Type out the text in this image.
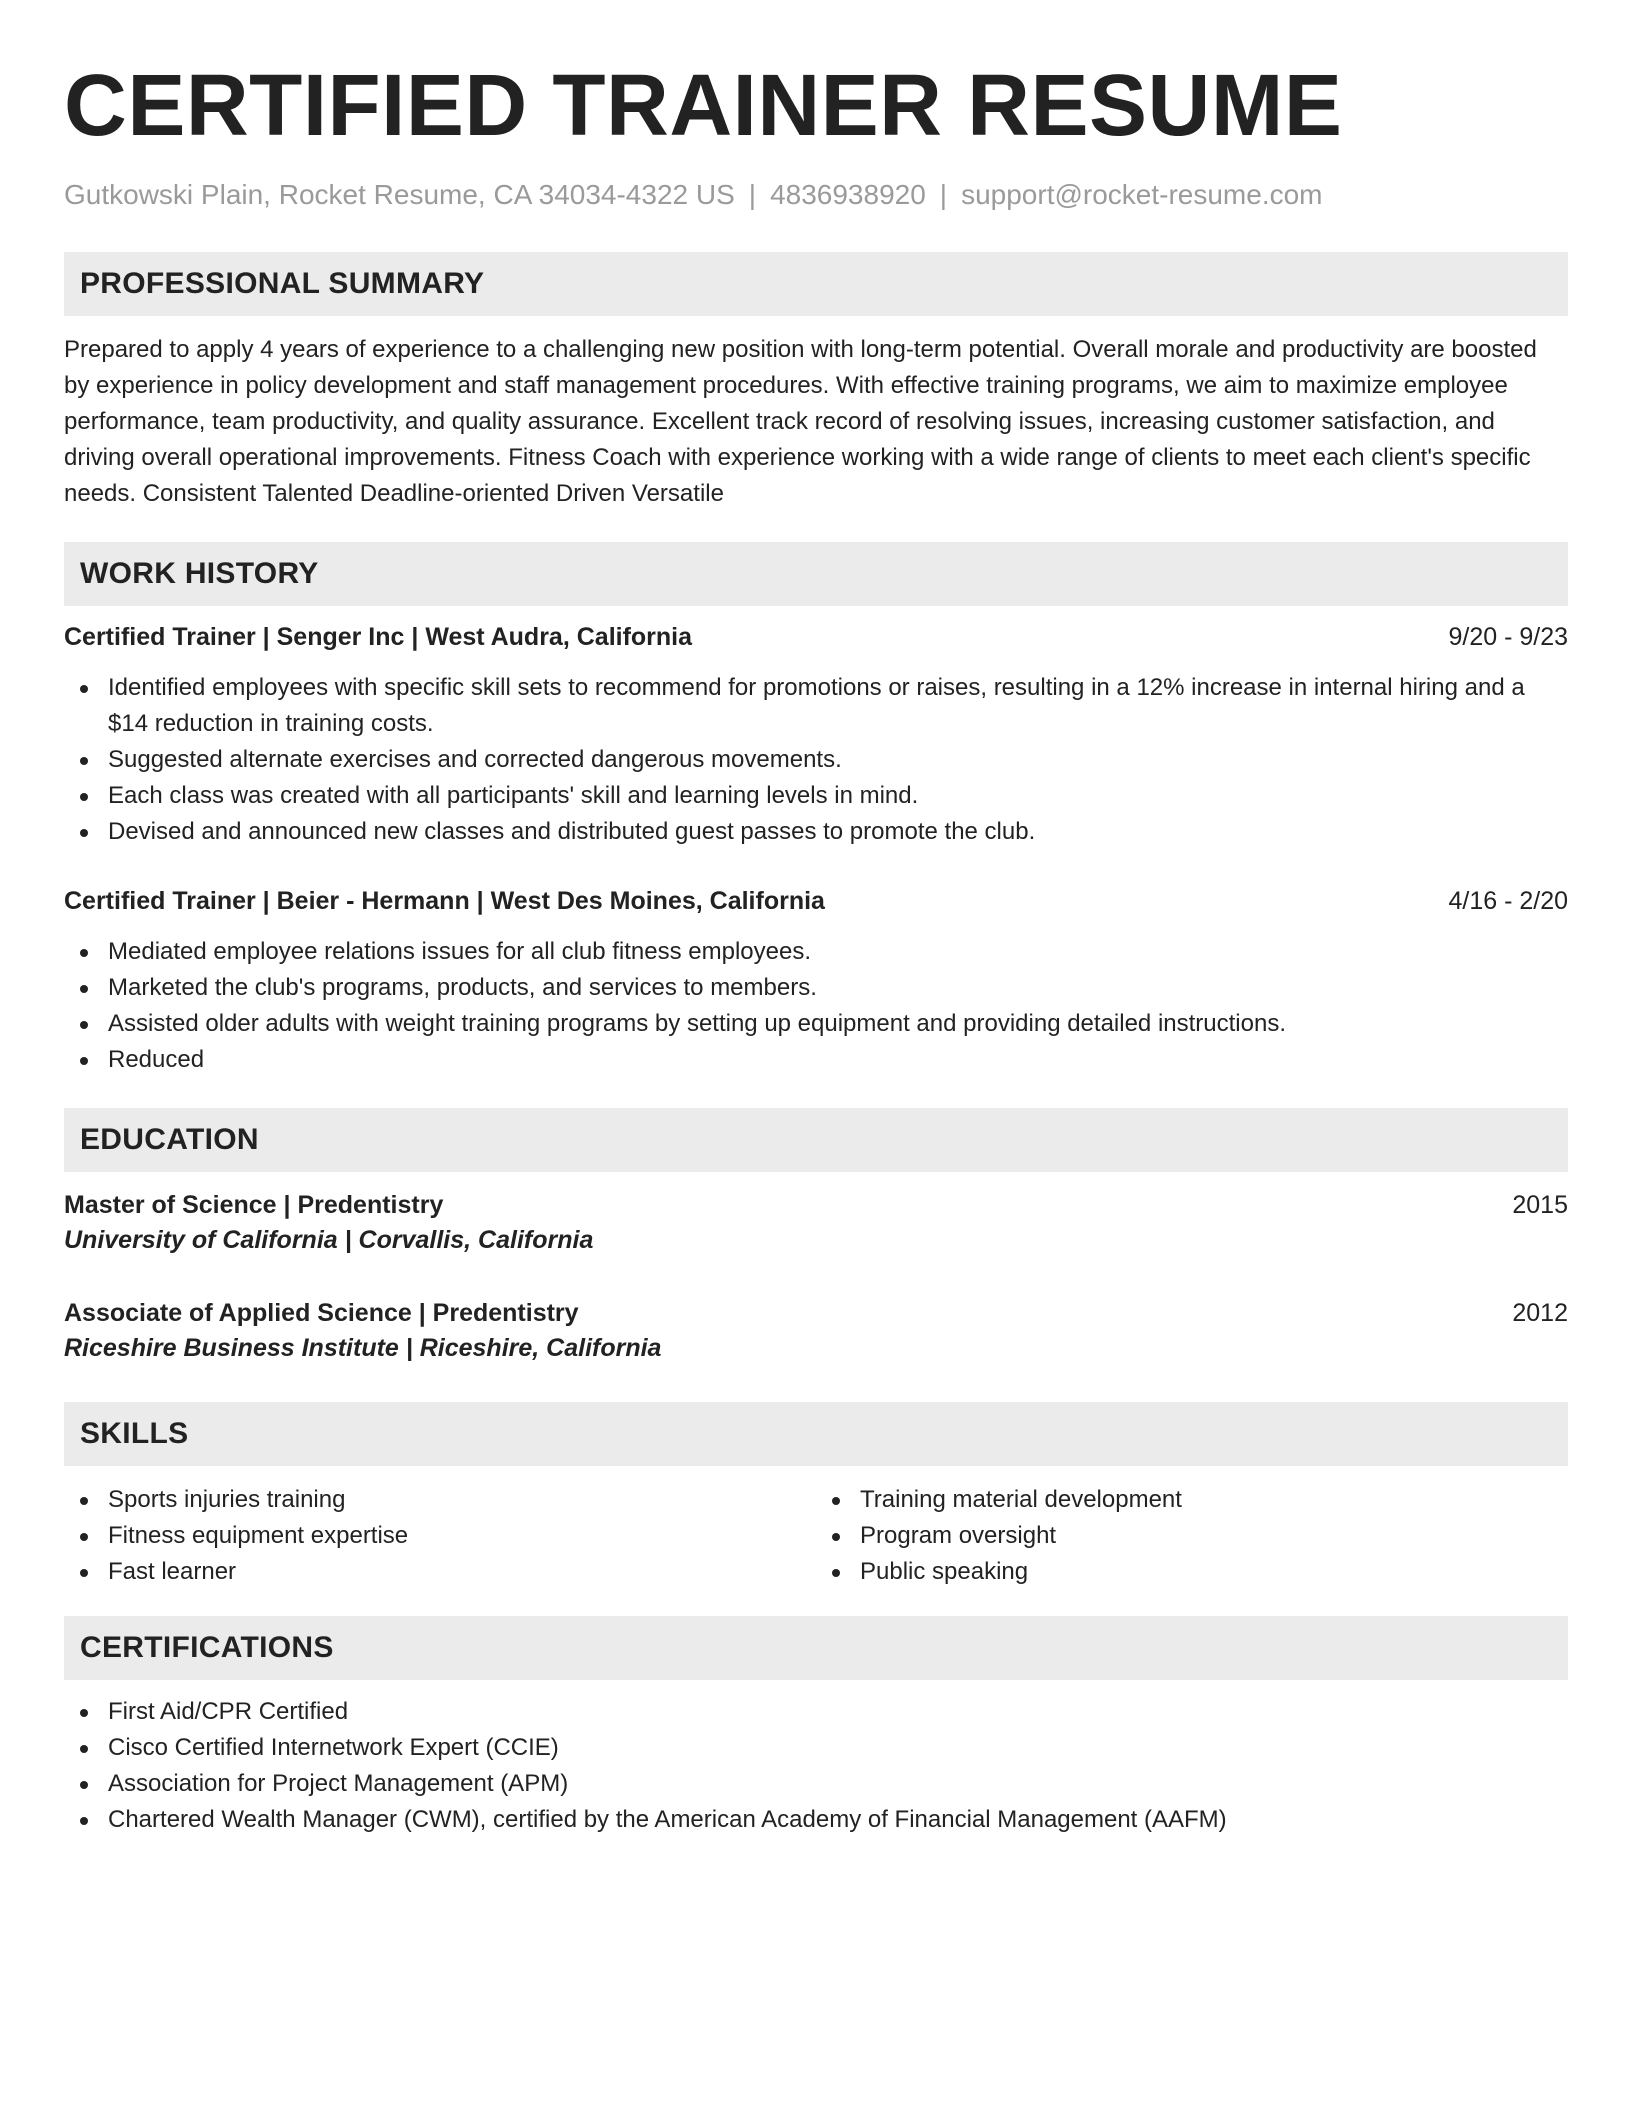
CERTIFIED TRAINER RESUME
Gutkowski Plain, Rocket Resume, CA 34034-4322 US | 4836938920 | support@rocket-resume.com
PROFESSIONAL SUMMARY
Prepared to apply 4 years of experience to a challenging new position with long-term potential. Overall morale and productivity are boosted by experience in policy development and staff management procedures. With effective training programs, we aim to maximize employee performance, team productivity, and quality assurance. Excellent track record of resolving issues, increasing customer satisfaction, and driving overall operational improvements. Fitness Coach with experience working with a wide range of clients to meet each client's specific needs. Consistent Talented Deadline-oriented Driven Versatile
WORK HISTORY
Certified Trainer | Senger Inc | West Audra, California	9/20 - 9/23
Identified employees with specific skill sets to recommend for promotions or raises, resulting in a 12% increase in internal hiring and a $14 reduction in training costs.
Suggested alternate exercises and corrected dangerous movements.
Each class was created with all participants' skill and learning levels in mind.
Devised and announced new classes and distributed guest passes to promote the club.
Certified Trainer | Beier - Hermann | West Des Moines, California	4/16 - 2/20
Mediated employee relations issues for all club fitness employees.
Marketed the club's programs, products, and services to members.
Assisted older adults with weight training programs by setting up equipment and providing detailed instructions.
Reduced
EDUCATION
Master of Science | Predentistry	2015
University of California | Corvallis, California
Associate of Applied Science | Predentistry	2012
Riceshire Business Institute | Riceshire, California
SKILLS
Sports injuries training
Fitness equipment expertise
Fast learner
Training material development
Program oversight
Public speaking
CERTIFICATIONS
First Aid/CPR Certified
Cisco Certified Internetwork Expert (CCIE)
Association for Project Management (APM)
Chartered Wealth Manager (CWM), certified by the American Academy of Financial Management (AAFM)
